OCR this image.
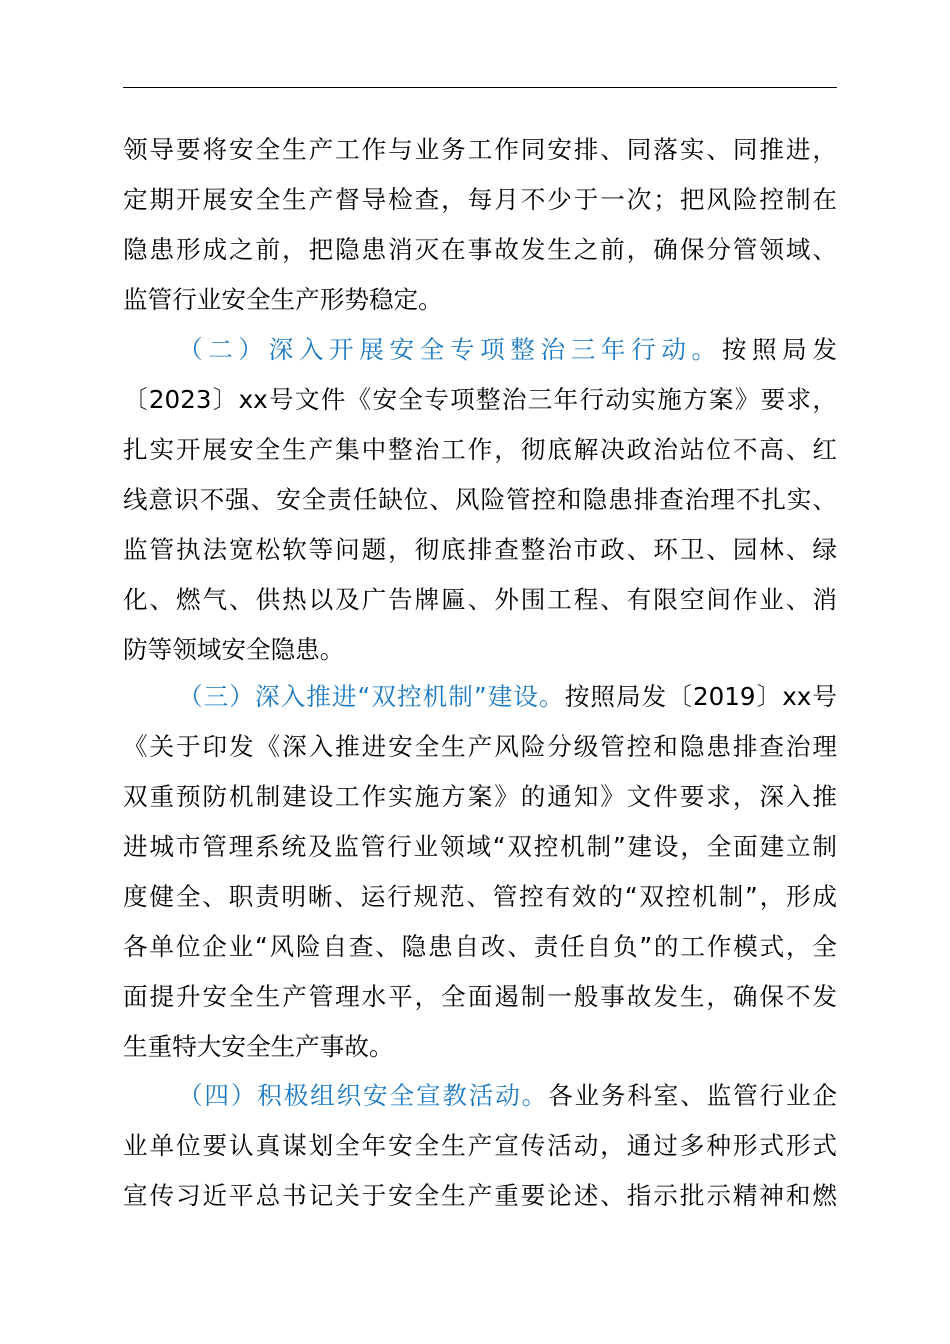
领导要将安全生产工作与业务工作同安排、同落实、同推进，
定期开展安全生产督导检查，每月不少于一次；把风险控制在
隐患形成之前，把隐患消灭在事故发生之前，确保分管领域、
监管行业安全生产形势稳定。
（二）深入开展安全专项整治三年行动。按照局发
〔2023〕xx号文件《安全专项整治三年行动实施方案》要求，
扎实开展安全生产集中整治工作，彻底解决政治站位不高、红
线意识不强、安全责任缺位、风险管控和隐患排查治理不扎实、
监管执法宽松软等问题，彻底排查整治市政、环卫、园林、绿
化、燃气、供热以及广告牌匾、外围工程、有限空间作业、消
防等领域安全隐患。
（三）深入推进“双控机制”建设。按照局发〔2019〕xx号
《关于印发《深入推进安全生产风险分级管控和隐患排查治理
双重预防机制建设工作实施方案》的通知》文件要求，深入推
进城市管理系统及监管行业领域“双控机制”建设，全面建立制
度健全、职责明晰、运行规范、管控有效的“双控机制”，形成
各单位企业“风险自查、隐患自改、责任自负”的工作模式，全
面提升安全生产管理水平，全面遏制一般事故发生，确保不发
生重特大安全生产事故。
（四）积极组织安全宣教活动。各业务科室、监管行业企
业单位要认真谋划全年安全生产宣传活动，通过多种形式形式
宣传习近平总书记关于安全生产重要论述、指示批示精神和燃
